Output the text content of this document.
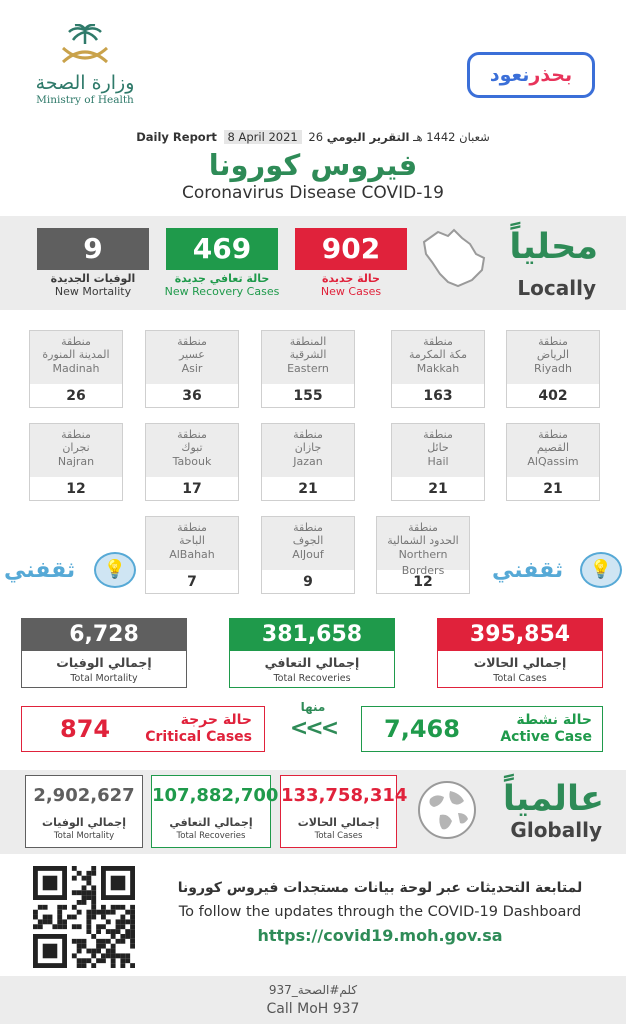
وزارة الصحة
Ministry of Health
نعود بحذر
Daily Report 8 April 2021 26 شعبان 1442 هـ التقرير اليومي
فيروس كورونا
Coronavirus Disease COVID-19
902
حالة جديدة
New Cases
469
حالة تعافي جديدة
New Recovery Cases
9
الوفيات الجديدة
New Mortality
محلياً
Locally
منطقة
الرياض
Riyadh
402
منطقة
مكة المكرمة
Makkah
163
المنطقة
الشرقية
Eastern
155
منطقة
عسير
Asir
36
منطقة
المدينة المنورة
Madinah
26
منطقة
القصيم
AlQassim
21
منطقة
حائل
Hail
21
منطقة
جازان
Jazan
21
منطقة
تبوك
Tabouk
17
منطقة
نجران
Najran
12
منطقة
الحدود الشمالية
Northern Borders
12
منطقة
الجوف
AlJouf
9
منطقة
الباحة
AlBahah
7
ثقفني	💡	ثقفني	💡
395,854
إجمالي الحالات
Total Cases
381,658
إجمالي التعافي
Total Recoveries
6,728
إجمالي الوفيات
Total Mortality
7,468	حالة نشطة
Active Case
منها
<<<
874	حالة حرجة
Critical Cases
133,758,314
إجمالي الحالات
Total Cases
107,882,700
إجمالي التعافي
Total Recoveries
2,902,627
إجمالي الوفيات
Total Mortality
عالمياً
Globally
لمتابعة التحديثات عبر لوحة بيانات مستجدات فيروس كورونا
To follow the updates through the COVID-19 Dashboard
https://covid19.moh.gov.sa
كلم#الصحة_937
Call MoH 937
